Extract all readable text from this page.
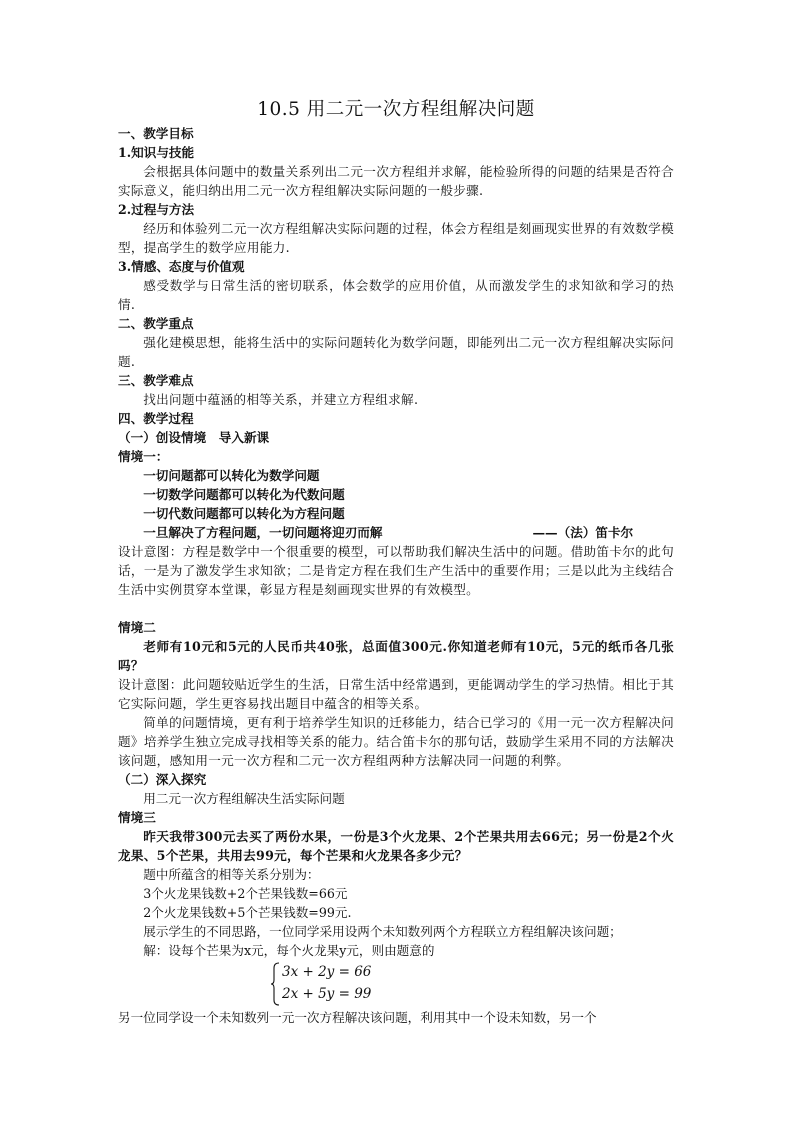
10.5 用二元一次方程组解决问题

一、教学目标

1.知识与技能

会根据具体问题中的数量关系列出二元一次方程组并求解，能检验所得的问题的结果是否符合实际意义，能归纳出用二元一次方程组解决实际问题的一般步骤.

2.过程与方法

经历和体验列二元一次方程组解决实际问题的过程，体会方程组是刻画现实世界的有效数学模型，提高学生的数学应用能力.

3.情感、态度与价值观

感受数学与日常生活的密切联系，体会数学的应用价值，从而激发学生的求知欲和学习的热情.

二、教学重点

强化建模思想，能将生活中的实际问题转化为数学问题，即能列出二元一次方程组解决实际问题.

三、教学难点

找出问题中蕴涵的相等关系，并建立方程组求解.

四、教学过程

（一）创设情境　导入新课

情境一：

一切问题都可以转化为数学问题

一切数学问题都可以转化为代数问题

一切代数问题都可以转化为方程问题

一旦解决了方程问题，一切问题将迎刃而解	——（法）笛卡尔

设计意图：方程是数学中一个很重要的模型，可以帮助我们解决生活中的问题。借助笛卡尔的此句话，一是为了激发学生求知欲；二是肯定方程在我们生产生活中的重要作用；三是以此为主线结合生活中实例贯穿本堂课，彰显方程是刻画现实世界的有效模型。

情境二

老师有10元和5元的人民币共40张，总面值300元.你知道老师有10元，5元的纸币各几张吗？

设计意图：此问题较贴近学生的生活，日常生活中经常遇到，更能调动学生的学习热情。相比于其它实际问题，学生更容易找出题目中蕴含的相等关系。

简单的问题情境，更有利于培养学生知识的迁移能力，结合已学习的《用一元一次方程解决问题》培养学生独立完成寻找相等关系的能力。结合笛卡尔的那句话，鼓励学生采用不同的方法解决该问题，感知用一元一次方程和二元一次方程组两种方法解决同一问题的利弊。

（二）深入探究

用二元一次方程组解决生活实际问题

情境三

昨天我带300元去买了两份水果，一份是3个火龙果、2个芒果共用去66元；另一份是2个火龙果、5个芒果，共用去99元，每个芒果和火龙果各多少元？

题中所蕴含的相等关系分别为：

3个火龙果钱数+2个芒果钱数=66元

2个火龙果钱数+5个芒果钱数=99元.

展示学生的不同思路，一位同学采用设两个未知数列两个方程联立方程组解决该问题；

解：设每个芒果为x元，每个火龙果y元，则由题意的

3x + 2y = 66
2x + 5y = 99

另一位同学设一个未知数列一元一次方程解决该问题，利用其中一个设未知数，另一个
